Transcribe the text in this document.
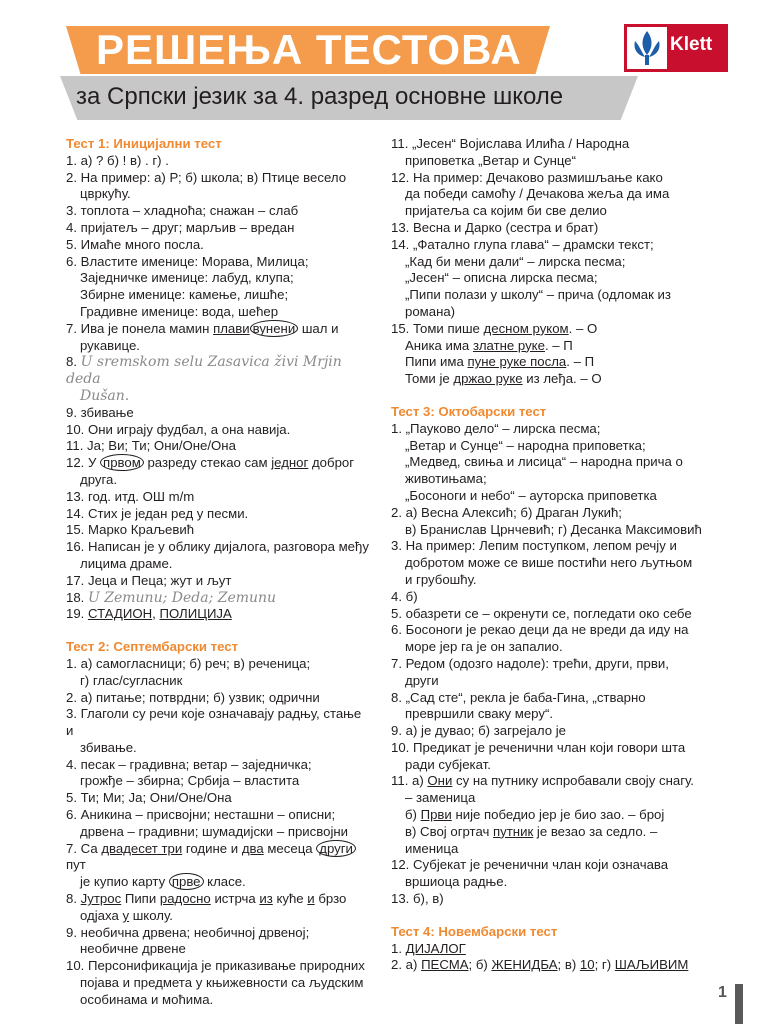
РЕШЕЊА ТЕСТОВА
за Српски језик за 4. разред основне школе
Klett

Тест 1: Иницијални тест

1. а) ? б) ! в) . г) .

2. На пример: а) Р; б) школа; в) Птице весело

цвркућу.

3. топлота – хладноћа; снажан – слаб

4. пријатељ – друг; марљив – вредан

5. Имаће много посла.

6. Властите именице: Морава, Милица;

Заједничке именице: лабуд, клупа;

Збирне именице: камење, лишће;

Градивне именице: вода, шећер

7. Ива је понела мамин плави вунени шал и

рукавице.

8. U sremskom selu Zasavica živi Mrjin deda

Dušan.

9. збивање

10. Они играју фудбал, а она навија.

11. Ја; Ви; Ти; Они/Оне/Она

12. У првом разреду стекао сам једног доброг

друга.

13. год. итд. ОШ m/m

14. Стих је један ред у песми.

15. Марко Краљевић

16. Написан је у облику дијалога, разговора међу

лицима драме.

17. Јеца и Пеца; жут и љут

18. U Zemunu; Deda; Zemunu

19. СТАДИОН, ПОЛИЦИЈА

Тест 2: Септембарски тест

1. а) самогласници; б) реч; в) реченица;

г) глас/сугласник

2. а) питање; потврдни; б) узвик; одрични

3. Глаголи су речи које означавају радњу, стање и

збивање.

4. песак – градивна; ветар – заједничка;

грожђе – збирна; Србија – властита

5. Ти; Ми; Ја; Они/Оне/Она

6. Аникина – присвојни; несташни – описни;

дрвена – градивни; шумадијски – присвојни

7. Са двадесет три године и два месеца други пут

је купио карту прве класе.

8. Јутрос Пипи радосно истрча из куће и брзо

одјаха у школу.

9. необична дрвена; необичној дрвеној;

необичне дрвене

10. Персонификација је приказивање природних

појава и предмета у књижевности са људским

особинама и моћима.

11. „Јесен“ Војислава Илића / Народна

приповетка „Ветар и Сунце“

12. На пример: Дечаково размишљање како

да победи самоћу / Дечакова жеља да има

пријатеља са којим би све делио

13. Весна и Дарко (сестра и брат)

14. „Фатално глупа глава“ – драмски текст;

„Кад би мени дали“ – лирска песма;

„Јесен“ – описна лирска песма;

„Пипи полази у школу“ – прича (одломак из

романа)

15. Томи пише десном руком. – О

Аника има златне руке. – П

Пипи има пуне руке посла. – П

Томи је држао руке из леђа. – О

Тест 3: Октобарски тест

1. „Пауково дело“ – лирска песма;

„Ветар и Сунце“ – народна приповетка;

„Медвед, свиња и лисица“ – народна прича о

животињама;

„Босоноги и небо“ – ауторска приповетка

2. а) Весна Алексић; б) Драган Лукић;

в) Бранислав Црнчевић; г) Десанка Максимовић

3. На пример: Лепим поступком, лепом речју и

добротом може се више постићи него љутњом

и грубошћу.

4. б)

5. обазрети се – окренути се, погледати око себе

6. Босоноги је рекао деци да не вреди да иду на

море јер га је он запалио.

7. Редом (одозго надоле): трећи, други, први,

други

8. „Сад сте“, рекла је баба-Гина, „стварно

превршили сваку меру“.

9. а) је дувао; б) загрејало је

10. Предикат је реченични члан који говори шта

ради субјекат.

11. а) Они су на путнику испробавали своју снагу.

– заменица

б) Први није победио јер је био зао. – број

в) Свој огртач путник је везао за седло. –

именица

12. Субјекат је реченични члан који означава

вршиоца радње.

13. б), в)

Тест 4: Новембарски тест

1. ДИЈАЛОГ

2. а) ПЕСМА; б) ЖЕНИДБА; в) 10; г) ШАЉИВИМ

1
